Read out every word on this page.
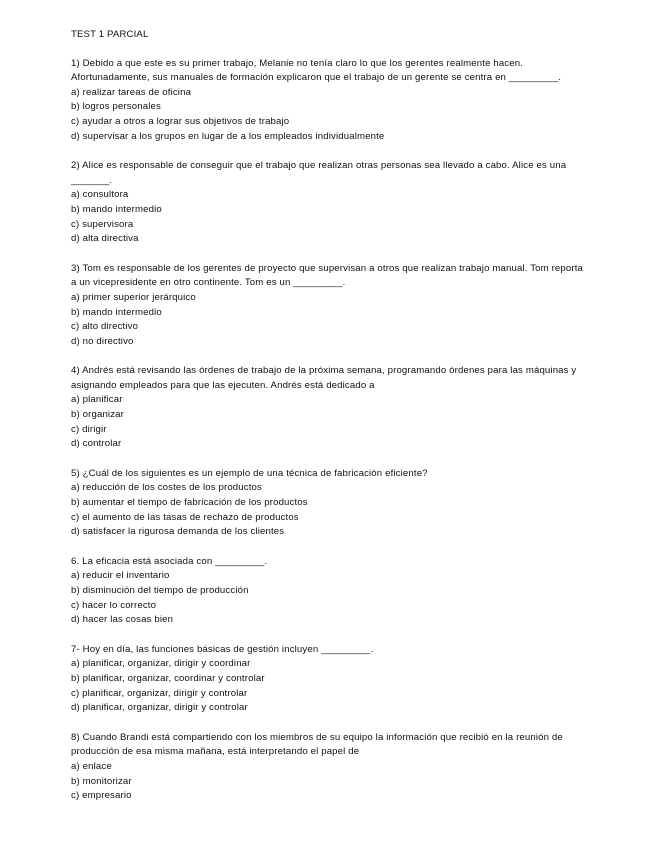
TEST 1 PARCIAL

1) Debido a que este es su primer trabajo, Melanie no tenía claro lo que los gerentes realmente hacen. Afortunadamente, sus manuales de formación explicaron que el trabajo de un gerente se centra en _________.

a) realizar tareas de oficina
b) logros personales
c) ayudar a otros a lograr sus objetivos de trabajo
d) supervisar a los grupos en lugar de a los empleados individualmente

2) Alice es responsable de conseguir que el trabajo que realizan otras personas sea llevado a cabo. Alice es una _______.

a) consultora
b) mando intermedio
c) supervisora
d) alta directiva

3) Tom es responsable de los gerentes de proyecto que supervisan a otros que realizan trabajo manual. Tom reporta a un vicepresidente en otro continente. Tom es un _________.

a) primer superior jerárquico
b) mando intermedio
c) alto directivo
d) no directivo

4) Andrés está revisando las órdenes de trabajo de la próxima semana, programando órdenes para las máquinas y asignando empleados para que las ejecuten. Andrés está dedicado a

a) planificar
b) organizar
c) dirigir
d) controlar

5) ¿Cuál de los siguientes es un ejemplo de una técnica de fabricación eficiente?

a) reducción de los costes de los productos
b) aumentar el tiempo de fabricación de los productos
c) el aumento de las tasas de rechazo de productos
d) satisfacer la rigurosa demanda de los clientes

6. La eficacia está asociada con _________.

a) reducir el inventario
b) disminución del tiempo de producción
c) hacer lo correcto
d) hacer las cosas bien

7- Hoy en día, las funciones básicas de gestión incluyen _________.

a) planificar, organizar, dirigir y coordinar
b) planificar, organizar, coordinar y controlar
c) planificar, organizar, dirigir y controlar
d) planificar, organizar, dirigir y controlar

8) Cuando Brandi está compartiendo con los miembros de su equipo la información que recibió en la reunión de producción de esa misma mañana, está interpretando el papel de

a) enlace
b) monitorizar
c) empresario
